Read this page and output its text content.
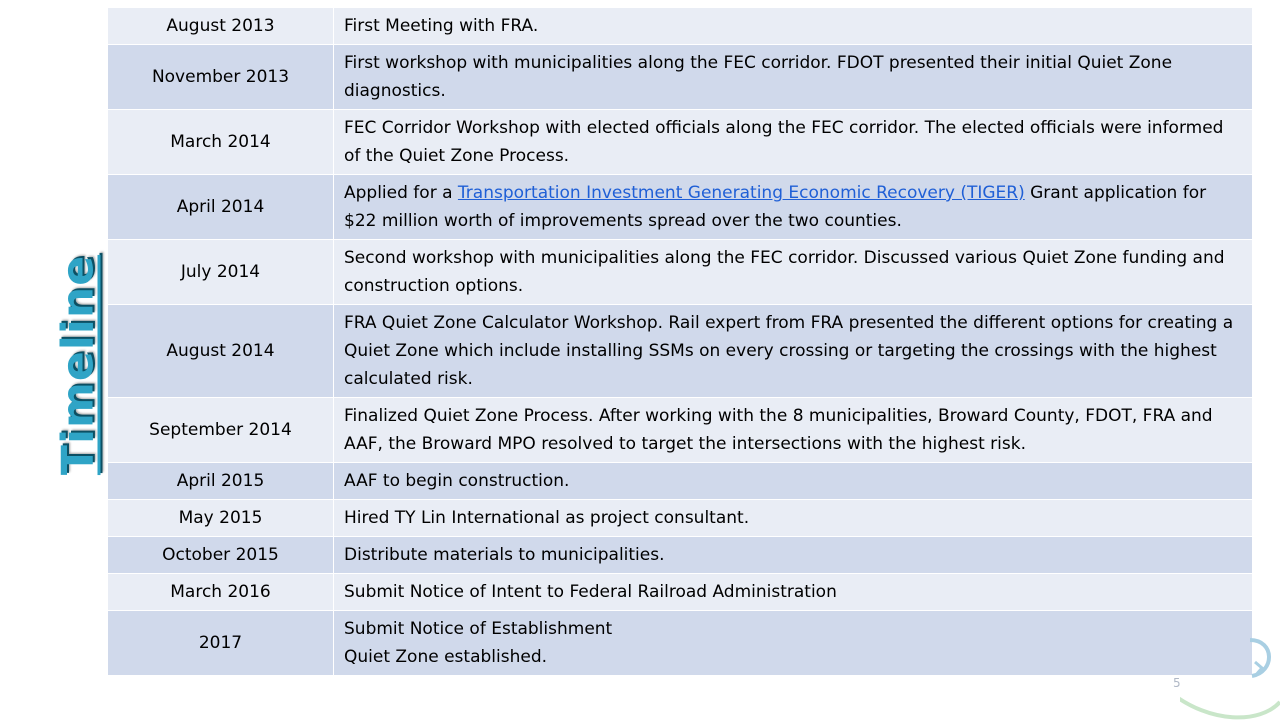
Timeline
August 2013	First Meeting with FRA.
November 2013	First workshop with municipalities along the FEC corridor. FDOT presented their initial Quiet Zone diagnostics.
March 2014	FEC Corridor Workshop with elected officials along the FEC corridor. The elected officials were informed of the Quiet Zone Process.
April 2014	Applied for a Transportation Investment Generating Economic Recovery (TIGER) Grant application for $22 million worth of improvements spread over the two counties.
July 2014	Second workshop with municipalities along the FEC corridor. Discussed various Quiet Zone funding and construction options.
August 2014	FRA Quiet Zone Calculator Workshop. Rail expert from FRA presented the different options for creating a Quiet Zone which include installing SSMs on every crossing or targeting the crossings with the highest calculated risk.
September 2014	Finalized Quiet Zone Process. After working with the 8 municipalities, Broward County, FDOT, FRA and AAF, the Broward MPO resolved to target the intersections with the highest risk.
April 2015	AAF to begin construction.
May 2015	Hired TY Lin International as project consultant.
October 2015	Distribute materials to municipalities.
March 2016	Submit Notice of Intent to Federal Railroad Administration
2017	Submit Notice of Establishment
Quiet Zone established.
5
